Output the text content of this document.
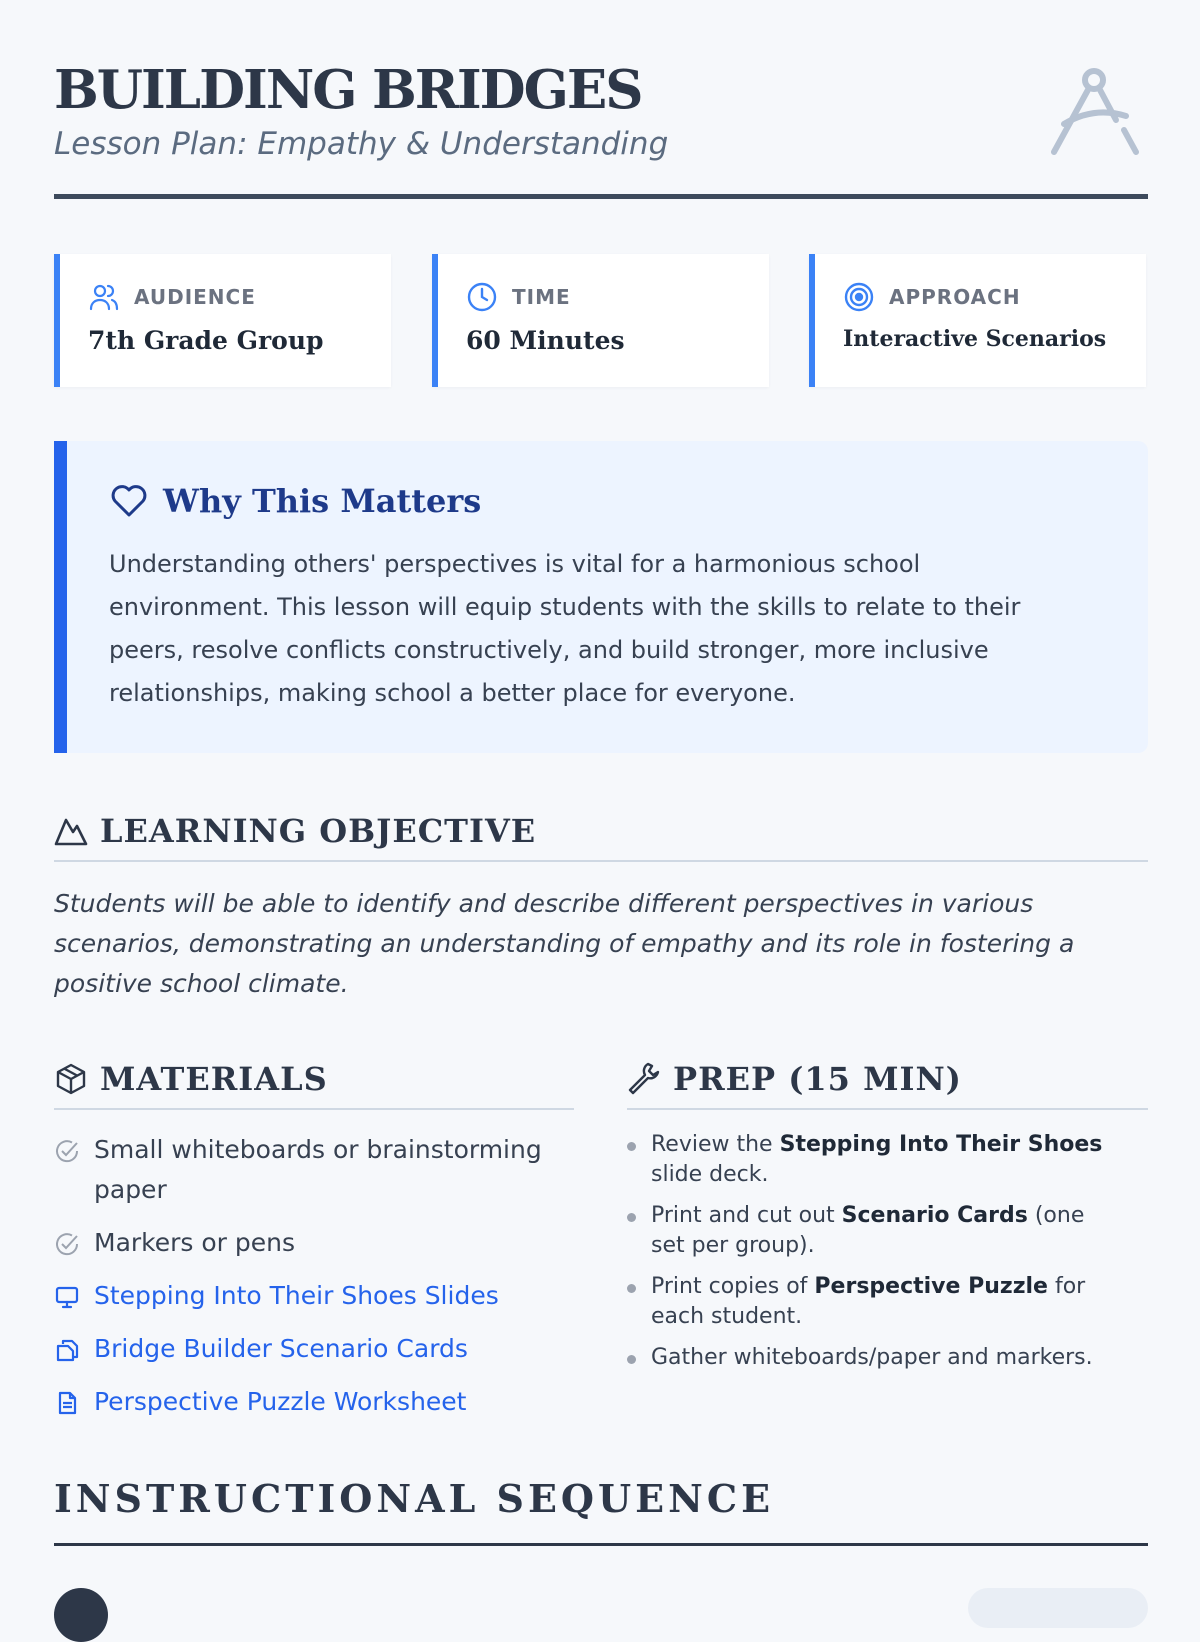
BUILDING BRIDGES
Lesson Plan: Empathy & Understanding
AUDIENCE
7th Grade Group
TIME
60 Minutes
APPROACH
Interactive Scenarios
Why This Matters
Understanding others' perspectives is vital for a harmonious school environment. This lesson will equip students with the skills to relate to their peers, resolve conflicts constructively, and build stronger, more inclusive relationships, making school a better place for everyone.
LEARNING OBJECTIVE
Students will be able to identify and describe different perspectives in various scenarios, demonstrating an understanding of empathy and its role in fostering a positive school climate.
MATERIALS
Small whiteboards or brainstorming paper
Markers or pens
Stepping Into Their Shoes Slides
Bridge Builder Scenario Cards
Perspective Puzzle Worksheet
PREP (15 MIN)
Review the Stepping Into Their Shoes slide deck.
Print and cut out Scenario Cards (one set per group).
Print copies of Perspective Puzzle for each student.
Gather whiteboards/paper and markers.
INSTRUCTIONAL SEQUENCE
